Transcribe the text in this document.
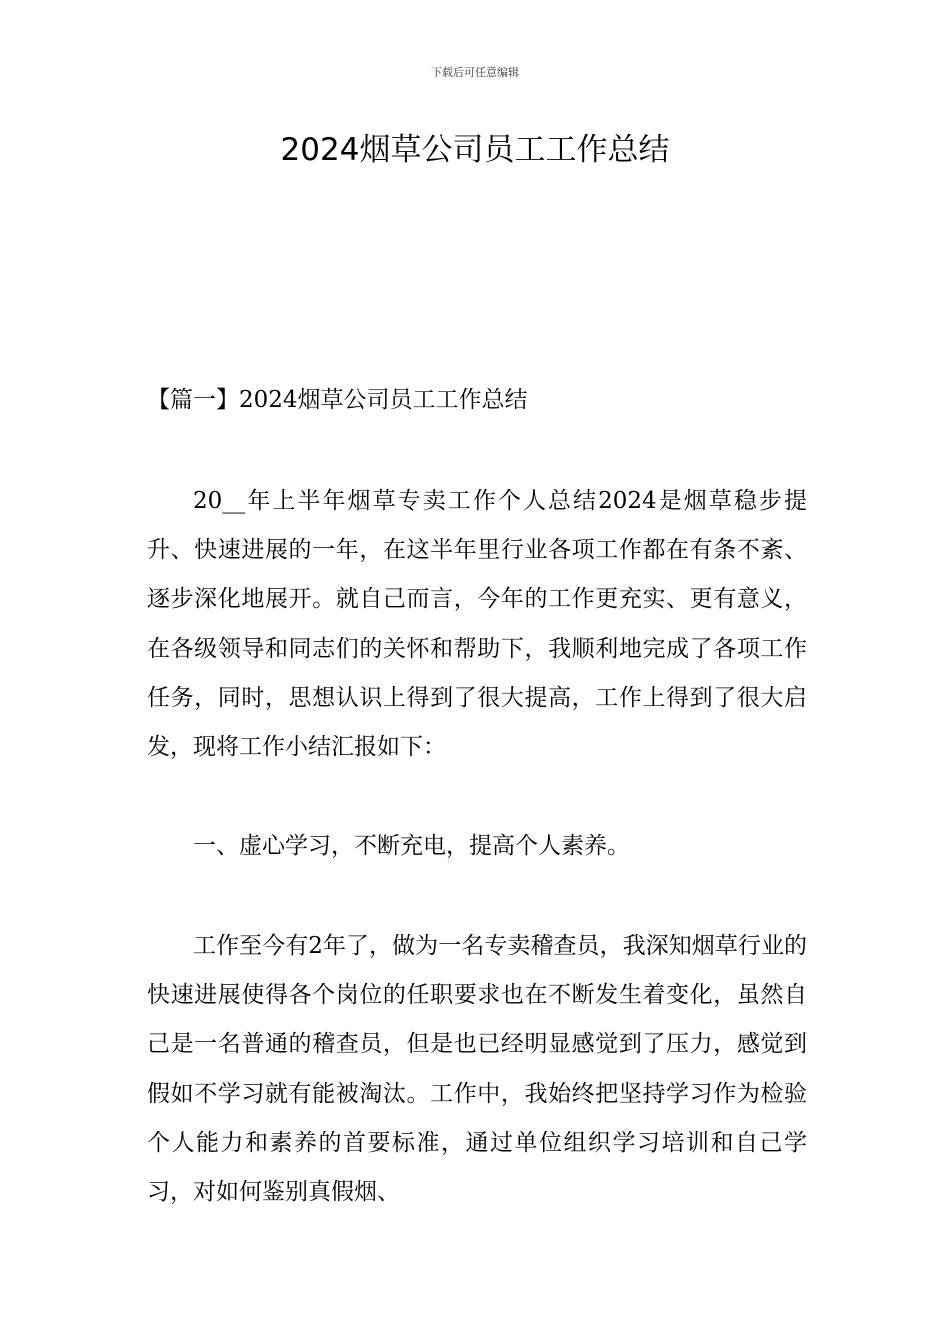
下载后可任意编辑
2024烟草公司员工工作总结
【篇一】2024烟草公司员工工作总结

20__年上半年烟草专卖工作个人总结2024是烟草稳步提升、快速进展的一年，在这半年里行业各项工作都在有条不紊、逐步深化地展开。就自己而言，今年的工作更充实、更有意义，在各级领导和同志们的关怀和帮助下，我顺利地完成了各项工作任务，同时，思想认识上得到了很大提高，工作上得到了很大启发，现将工作小结汇报如下：

一、虚心学习，不断充电，提高个人素养。

工作至今有2年了，做为一名专卖稽查员，我深知烟草行业的快速进展使得各个岗位的任职要求也在不断发生着变化，虽然自己是一名普通的稽查员，但是也已经明显感觉到了压力，感觉到假如不学习就有能被淘汰。工作中，我始终把坚持学习作为检验个人能力和素养的首要标准，通过单位组织学习培训和自己学习，对如何鉴别真假烟、
